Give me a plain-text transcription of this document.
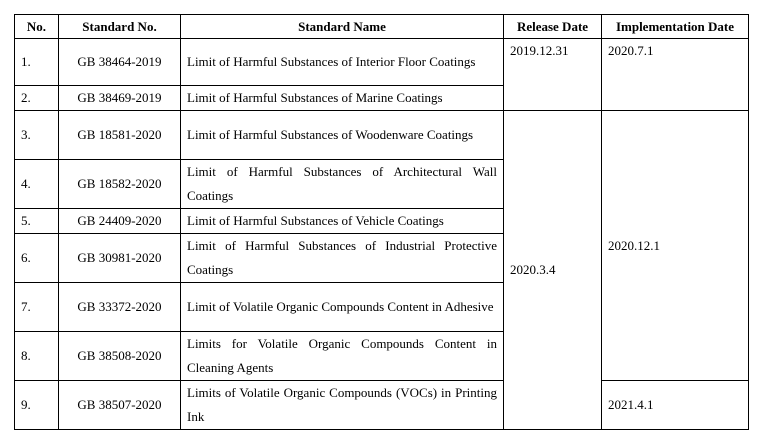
No.	Standard No.	Standard Name	Release Date	Implementation Date
1.	GB 38464-2019	Limit of Harmful Substances of Interior Floor Coatings	2019.12.31	2020.7.1
2.	GB 38469-2019	Limit of Harmful Substances of Marine Coatings		
3.	GB 18581-2020	Limit of Harmful Substances of Woodenware Coatings	2020.3.4	2020.12.1
4.	GB 18582-2020	Limit of Harmful Substances of Architectural Wall Coatings		
5.	GB 24409-2020	Limit of Harmful Substances of Vehicle Coatings		
6.	GB 30981-2020	Limit of Harmful Substances of Industrial Protective Coatings		
7.	GB 33372-2020	Limit of Volatile Organic Compounds Content in Adhesive		
8.	GB 38508-2020	Limits for Volatile Organic Compounds Content in Cleaning Agents		
9.	GB 38507-2020	Limits of Volatile Organic Compounds (VOCs) in Printing Ink		2021.4.1
